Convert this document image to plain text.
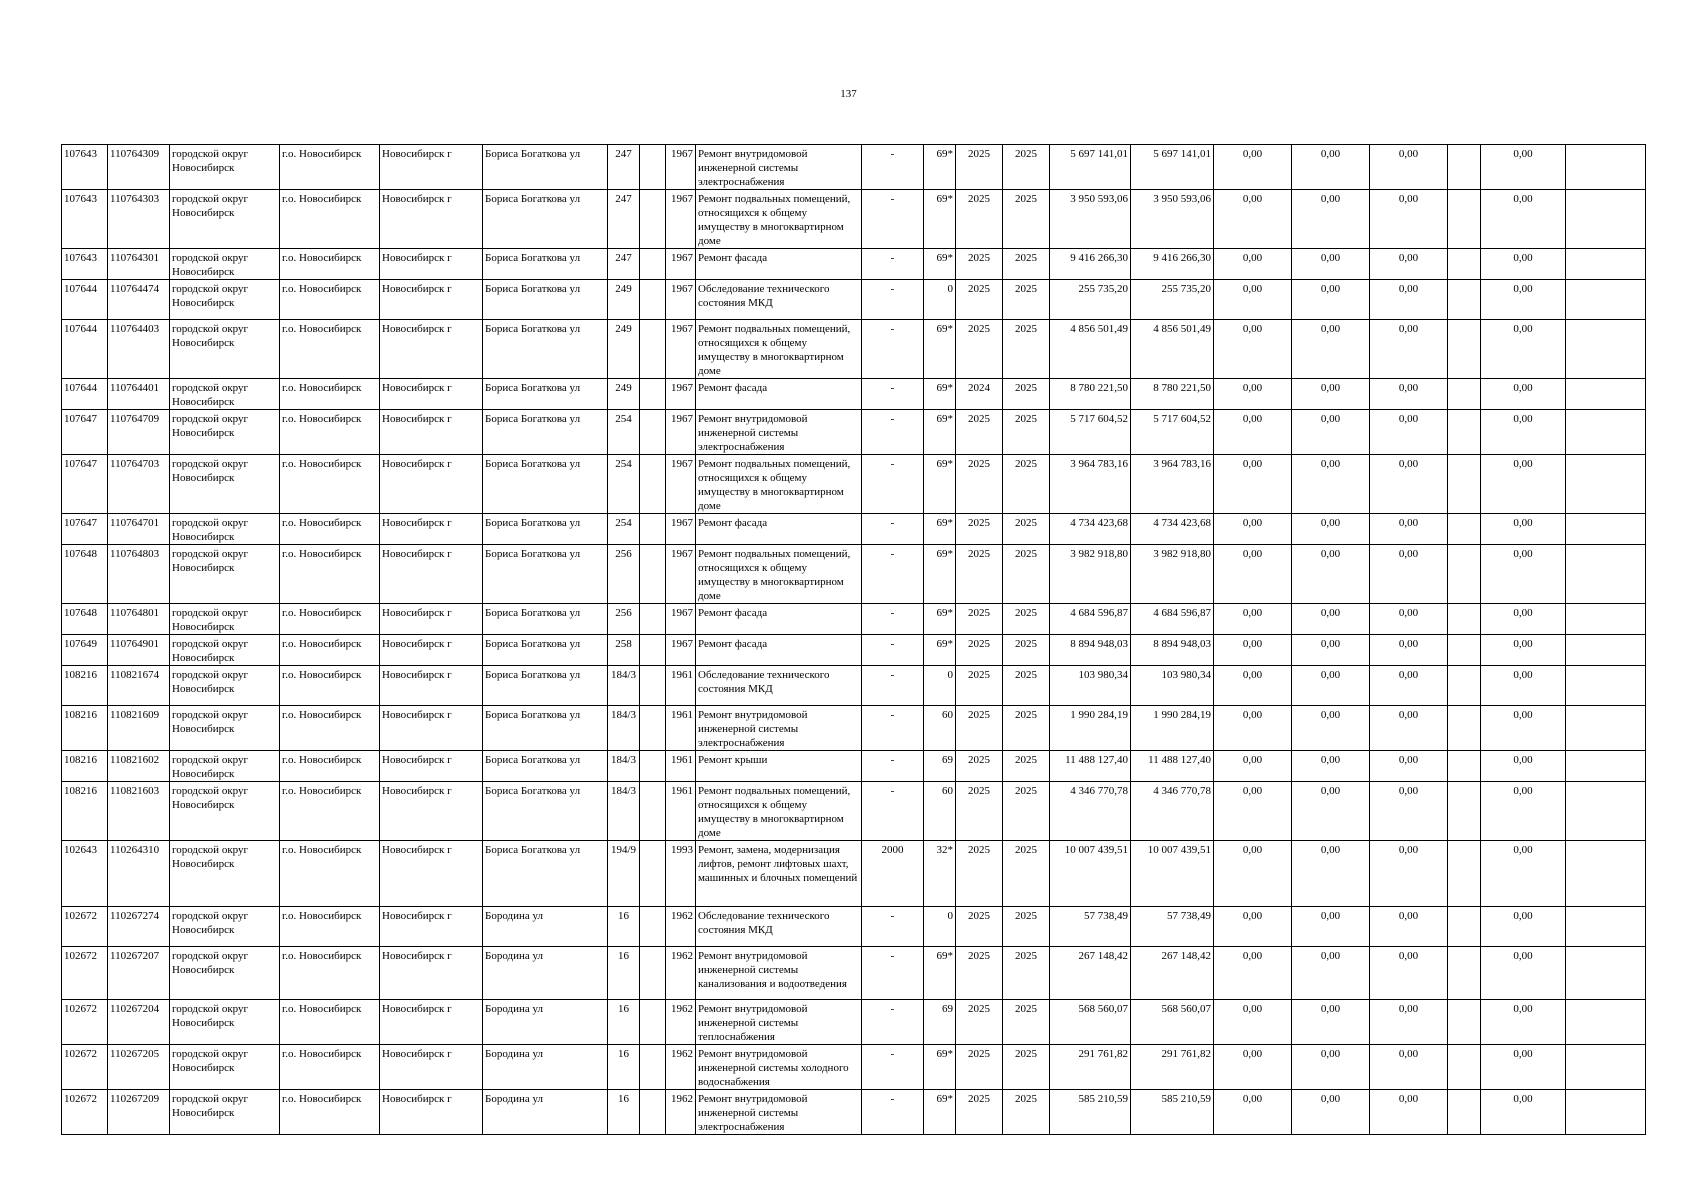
137
107643	110764309	городской округ Новосибирск	г.о. Новосибирск	Новосибирск г	Бориса Богаткова ул	247		1967	Ремонт внутридомовой инженерной системы электроснабжения	-	69*	2025	2025	5 697 141,01	5 697 141,01	0,00	0,00	0,00		0,00	
107643	110764303	городской округ Новосибирск	г.о. Новосибирск	Новосибирск г	Бориса Богаткова ул	247		1967	Ремонт подвальных помещений, относящихся к общему имуществу в многоквартирном доме	-	69*	2025	2025	3 950 593,06	3 950 593,06	0,00	0,00	0,00		0,00	
107643	110764301	городской округ Новосибирск	г.о. Новосибирск	Новосибирск г	Бориса Богаткова ул	247		1967	Ремонт фасада	-	69*	2025	2025	9 416 266,30	9 416 266,30	0,00	0,00	0,00		0,00	
107644	110764474	городской округ Новосибирск	г.о. Новосибирск	Новосибирск г	Бориса Богаткова ул	249		1967	Обследование технического состояния МКД	-	0	2025	2025	255 735,20	255 735,20	0,00	0,00	0,00		0,00	
107644	110764403	городской округ Новосибирск	г.о. Новосибирск	Новосибирск г	Бориса Богаткова ул	249		1967	Ремонт подвальных помещений, относящихся к общему имуществу в многоквартирном доме	-	69*	2025	2025	4 856 501,49	4 856 501,49	0,00	0,00	0,00		0,00	
107644	110764401	городской округ Новосибирск	г.о. Новосибирск	Новосибирск г	Бориса Богаткова ул	249		1967	Ремонт фасада	-	69*	2024	2025	8 780 221,50	8 780 221,50	0,00	0,00	0,00		0,00	
107647	110764709	городской округ Новосибирск	г.о. Новосибирск	Новосибирск г	Бориса Богаткова ул	254		1967	Ремонт внутридомовой инженерной системы электроснабжения	-	69*	2025	2025	5 717 604,52	5 717 604,52	0,00	0,00	0,00		0,00	
107647	110764703	городской округ Новосибирск	г.о. Новосибирск	Новосибирск г	Бориса Богаткова ул	254		1967	Ремонт подвальных помещений, относящихся к общему имуществу в многоквартирном доме	-	69*	2025	2025	3 964 783,16	3 964 783,16	0,00	0,00	0,00		0,00	
107647	110764701	городской округ Новосибирск	г.о. Новосибирск	Новосибирск г	Бориса Богаткова ул	254		1967	Ремонт фасада	-	69*	2025	2025	4 734 423,68	4 734 423,68	0,00	0,00	0,00		0,00	
107648	110764803	городской округ Новосибирск	г.о. Новосибирск	Новосибирск г	Бориса Богаткова ул	256		1967	Ремонт подвальных помещений, относящихся к общему имуществу в многоквартирном доме	-	69*	2025	2025	3 982 918,80	3 982 918,80	0,00	0,00	0,00		0,00	
107648	110764801	городской округ Новосибирск	г.о. Новосибирск	Новосибирск г	Бориса Богаткова ул	256		1967	Ремонт фасада	-	69*	2025	2025	4 684 596,87	4 684 596,87	0,00	0,00	0,00		0,00	
107649	110764901	городской округ Новосибирск	г.о. Новосибирск	Новосибирск г	Бориса Богаткова ул	258		1967	Ремонт фасада	-	69*	2025	2025	8 894 948,03	8 894 948,03	0,00	0,00	0,00		0,00	
108216	110821674	городской округ Новосибирск	г.о. Новосибирск	Новосибирск г	Бориса Богаткова ул	184/3		1961	Обследование технического состояния МКД	-	0	2025	2025	103 980,34	103 980,34	0,00	0,00	0,00		0,00	
108216	110821609	городской округ Новосибирск	г.о. Новосибирск	Новосибирск г	Бориса Богаткова ул	184/3		1961	Ремонт внутридомовой инженерной системы электроснабжения	-	60	2025	2025	1 990 284,19	1 990 284,19	0,00	0,00	0,00		0,00	
108216	110821602	городской округ Новосибирск	г.о. Новосибирск	Новосибирск г	Бориса Богаткова ул	184/3		1961	Ремонт крыши	-	69	2025	2025	11 488 127,40	11 488 127,40	0,00	0,00	0,00		0,00	
108216	110821603	городской округ Новосибирск	г.о. Новосибирск	Новосибирск г	Бориса Богаткова ул	184/3		1961	Ремонт подвальных помещений, относящихся к общему имуществу в многоквартирном доме	-	60	2025	2025	4 346 770,78	4 346 770,78	0,00	0,00	0,00		0,00	
102643	110264310	городской округ Новосибирск	г.о. Новосибирск	Новосибирск г	Бориса Богаткова ул	194/9		1993	Ремонт, замена, модернизация лифтов, ремонт лифтовых шахт, машинных и блочных помещений	2000	32*	2025	2025	10 007 439,51	10 007 439,51	0,00	0,00	0,00		0,00	
102672	110267274	городской округ Новосибирск	г.о. Новосибирск	Новосибирск г	Бородина ул	16		1962	Обследование технического состояния МКД	-	0	2025	2025	57 738,49	57 738,49	0,00	0,00	0,00		0,00	
102672	110267207	городской округ Новосибирск	г.о. Новосибирск	Новосибирск г	Бородина ул	16		1962	Ремонт внутридомовой инженерной системы канализования и водоотведения	-	69*	2025	2025	267 148,42	267 148,42	0,00	0,00	0,00		0,00	
102672	110267204	городской округ Новосибирск	г.о. Новосибирск	Новосибирск г	Бородина ул	16		1962	Ремонт внутридомовой инженерной системы теплоснабжения	-	69	2025	2025	568 560,07	568 560,07	0,00	0,00	0,00		0,00	
102672	110267205	городской округ Новосибирск	г.о. Новосибирск	Новосибирск г	Бородина ул	16		1962	Ремонт внутридомовой инженерной системы холодного водоснабжения	-	69*	2025	2025	291 761,82	291 761,82	0,00	0,00	0,00		0,00	
102672	110267209	городской округ Новосибирск	г.о. Новосибирск	Новосибирск г	Бородина ул	16		1962	Ремонт внутридомовой инженерной системы электроснабжения	-	69*	2025	2025	585 210,59	585 210,59	0,00	0,00	0,00		0,00	
